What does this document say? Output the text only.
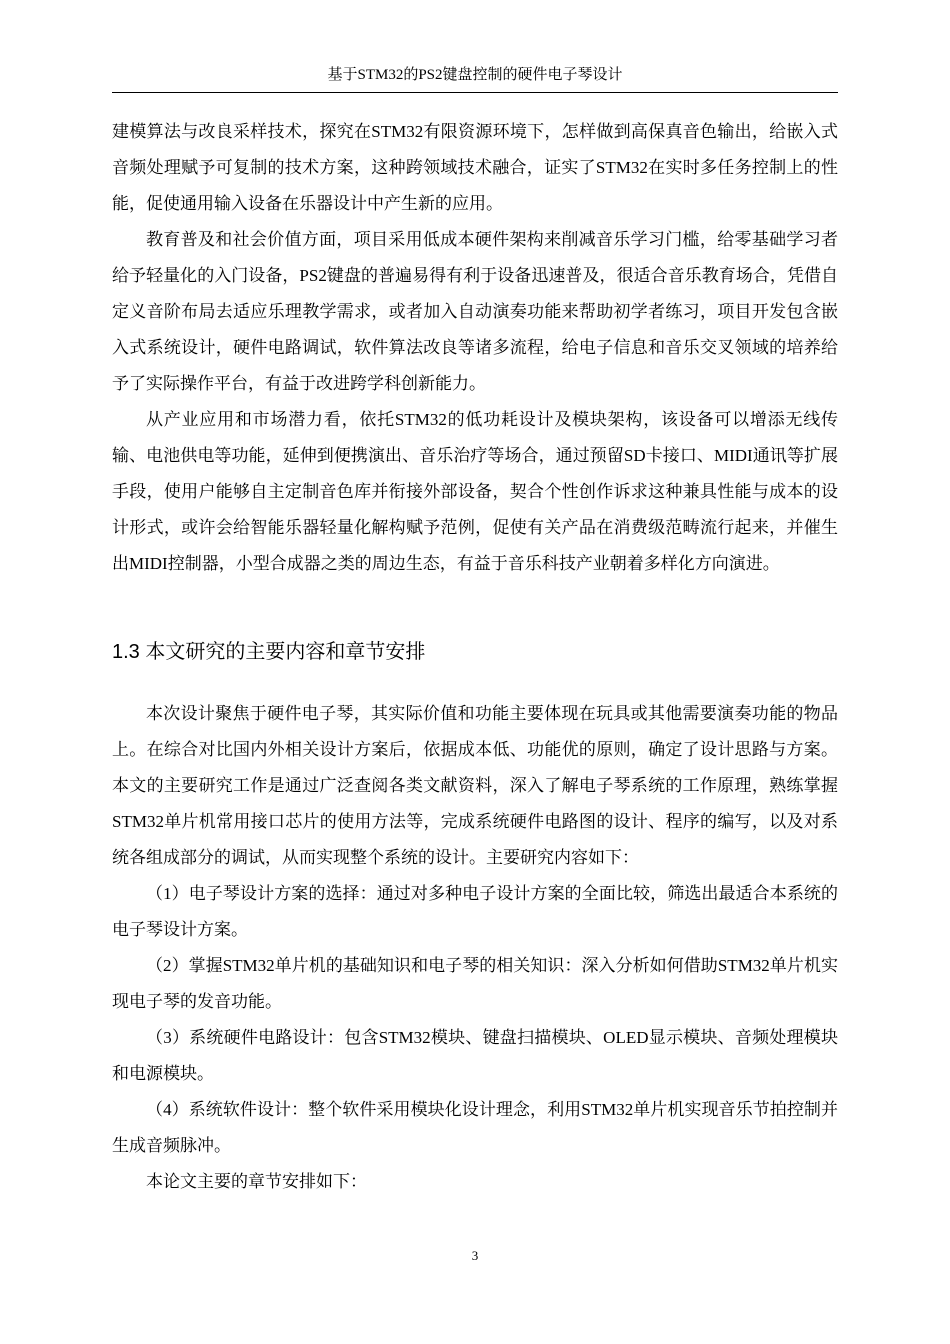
基于STM32的PS2键盘控制的硬件电子琴设计

建模算法与改良采样技术，探究在STM32有限资源环境下，怎样做到高保真音色输出，给嵌入式音频处理赋予可复制的技术方案，这种跨领域技术融合，证实了STM32在实时多任务控制上的性能，促使通用输入设备在乐器设计中产生新的应用。

教育普及和社会价值方面，项目采用低成本硬件架构来削减音乐学习门槛，给零基础学习者给予轻量化的入门设备，PS2键盘的普遍易得有利于设备迅速普及，很适合音乐教育场合，凭借自定义音阶布局去适应乐理教学需求，或者加入自动演奏功能来帮助初学者练习，项目开发包含嵌入式系统设计，硬件电路调试，软件算法改良等诸多流程，给电子信息和音乐交叉领域的培养给予了实际操作平台，有益于改进跨学科创新能力。

从产业应用和市场潜力看，依托STM32的低功耗设计及模块架构，该设备可以增添无线传输、电池供电等功能，延伸到便携演出、音乐治疗等场合，通过预留SD卡接口、MIDI通讯等扩展手段，使用户能够自主定制音色库并衔接外部设备，契合个性创作诉求这种兼具性能与成本的设计形式，或许会给智能乐器轻量化解构赋予范例，促使有关产品在消费级范畴流行起来，并催生出MIDI控制器，小型合成器之类的周边生态，有益于音乐科技产业朝着多样化方向演进。

1.3 本文研究的主要内容和章节安排

本次设计聚焦于硬件电子琴，其实际价值和功能主要体现在玩具或其他需要演奏功能的物品上。在综合对比国内外相关设计方案后，依据成本低、功能优的原则，确定了设计思路与方案。本文的主要研究工作是通过广泛查阅各类文献资料，深入了解电子琴系统的工作原理，熟练掌握STM32单片机常用接口芯片的使用方法等，完成系统硬件电路图的设计、程序的编写，以及对系统各组成部分的调试，从而实现整个系统的设计。主要研究内容如下：

（1）电子琴设计方案的选择：通过对多种电子设计方案的全面比较，筛选出最适合本系统的电子琴设计方案。

（2）掌握STM32单片机的基础知识和电子琴的相关知识：深入分析如何借助STM32单片机实现电子琴的发音功能。

（3）系统硬件电路设计：包含STM32模块、键盘扫描模块、OLED显示模块、音频处理模块和电源模块。

（4）系统软件设计：整个软件采用模块化设计理念，利用STM32单片机实现音乐节拍控制并生成音频脉冲。

本论文主要的章节安排如下：

3
